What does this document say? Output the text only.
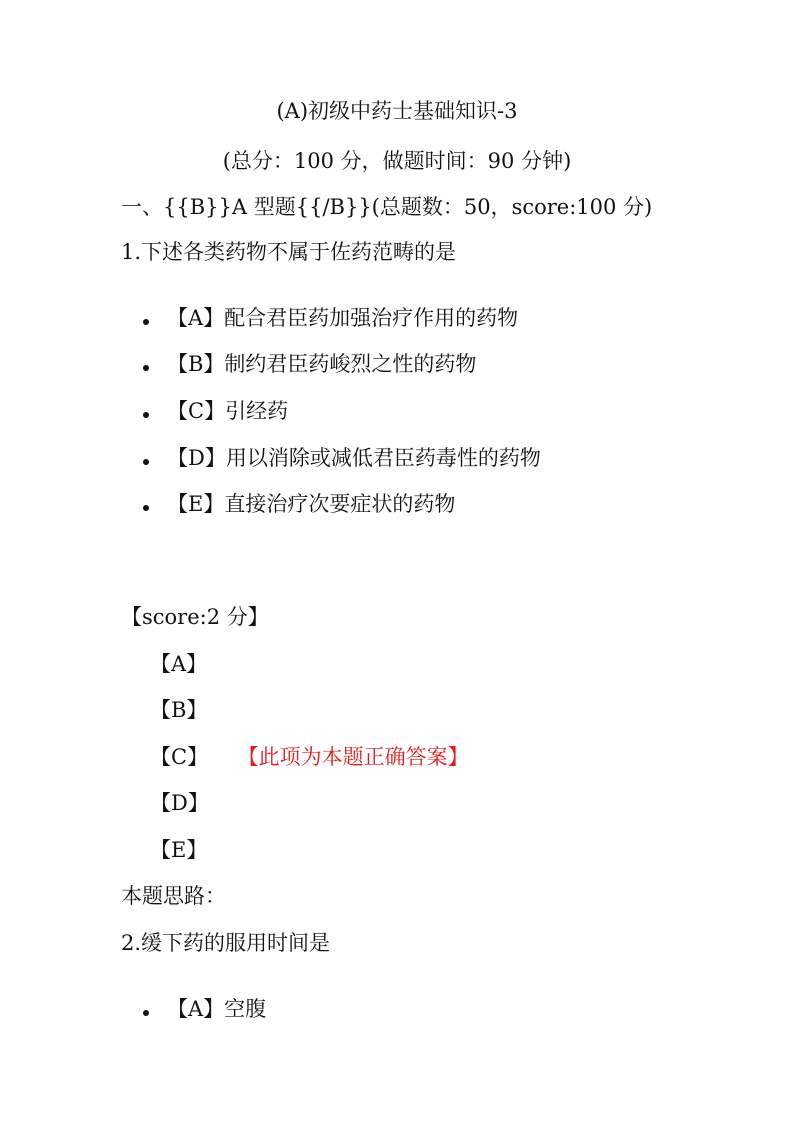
(A)初级中药士基础知识-3
(总分：100 分，做题时间：90 分钟)
一、{{B}}A 型题{{/B}}(总题数：50，score:100 分)
1.下述各类药物不属于佐药范畴的是
【A】配合君臣药加强治疗作用的药物
【B】制约君臣药峻烈之性的药物
【C】引经药
【D】用以消除或减低君臣药毒性的药物
【E】直接治疗次要症状的药物
【score:2 分】
【A】
【B】
【C】 【此项为本题正确答案】
【D】
【E】
本题思路：
2.缓下药的服用时间是
【A】空腹
